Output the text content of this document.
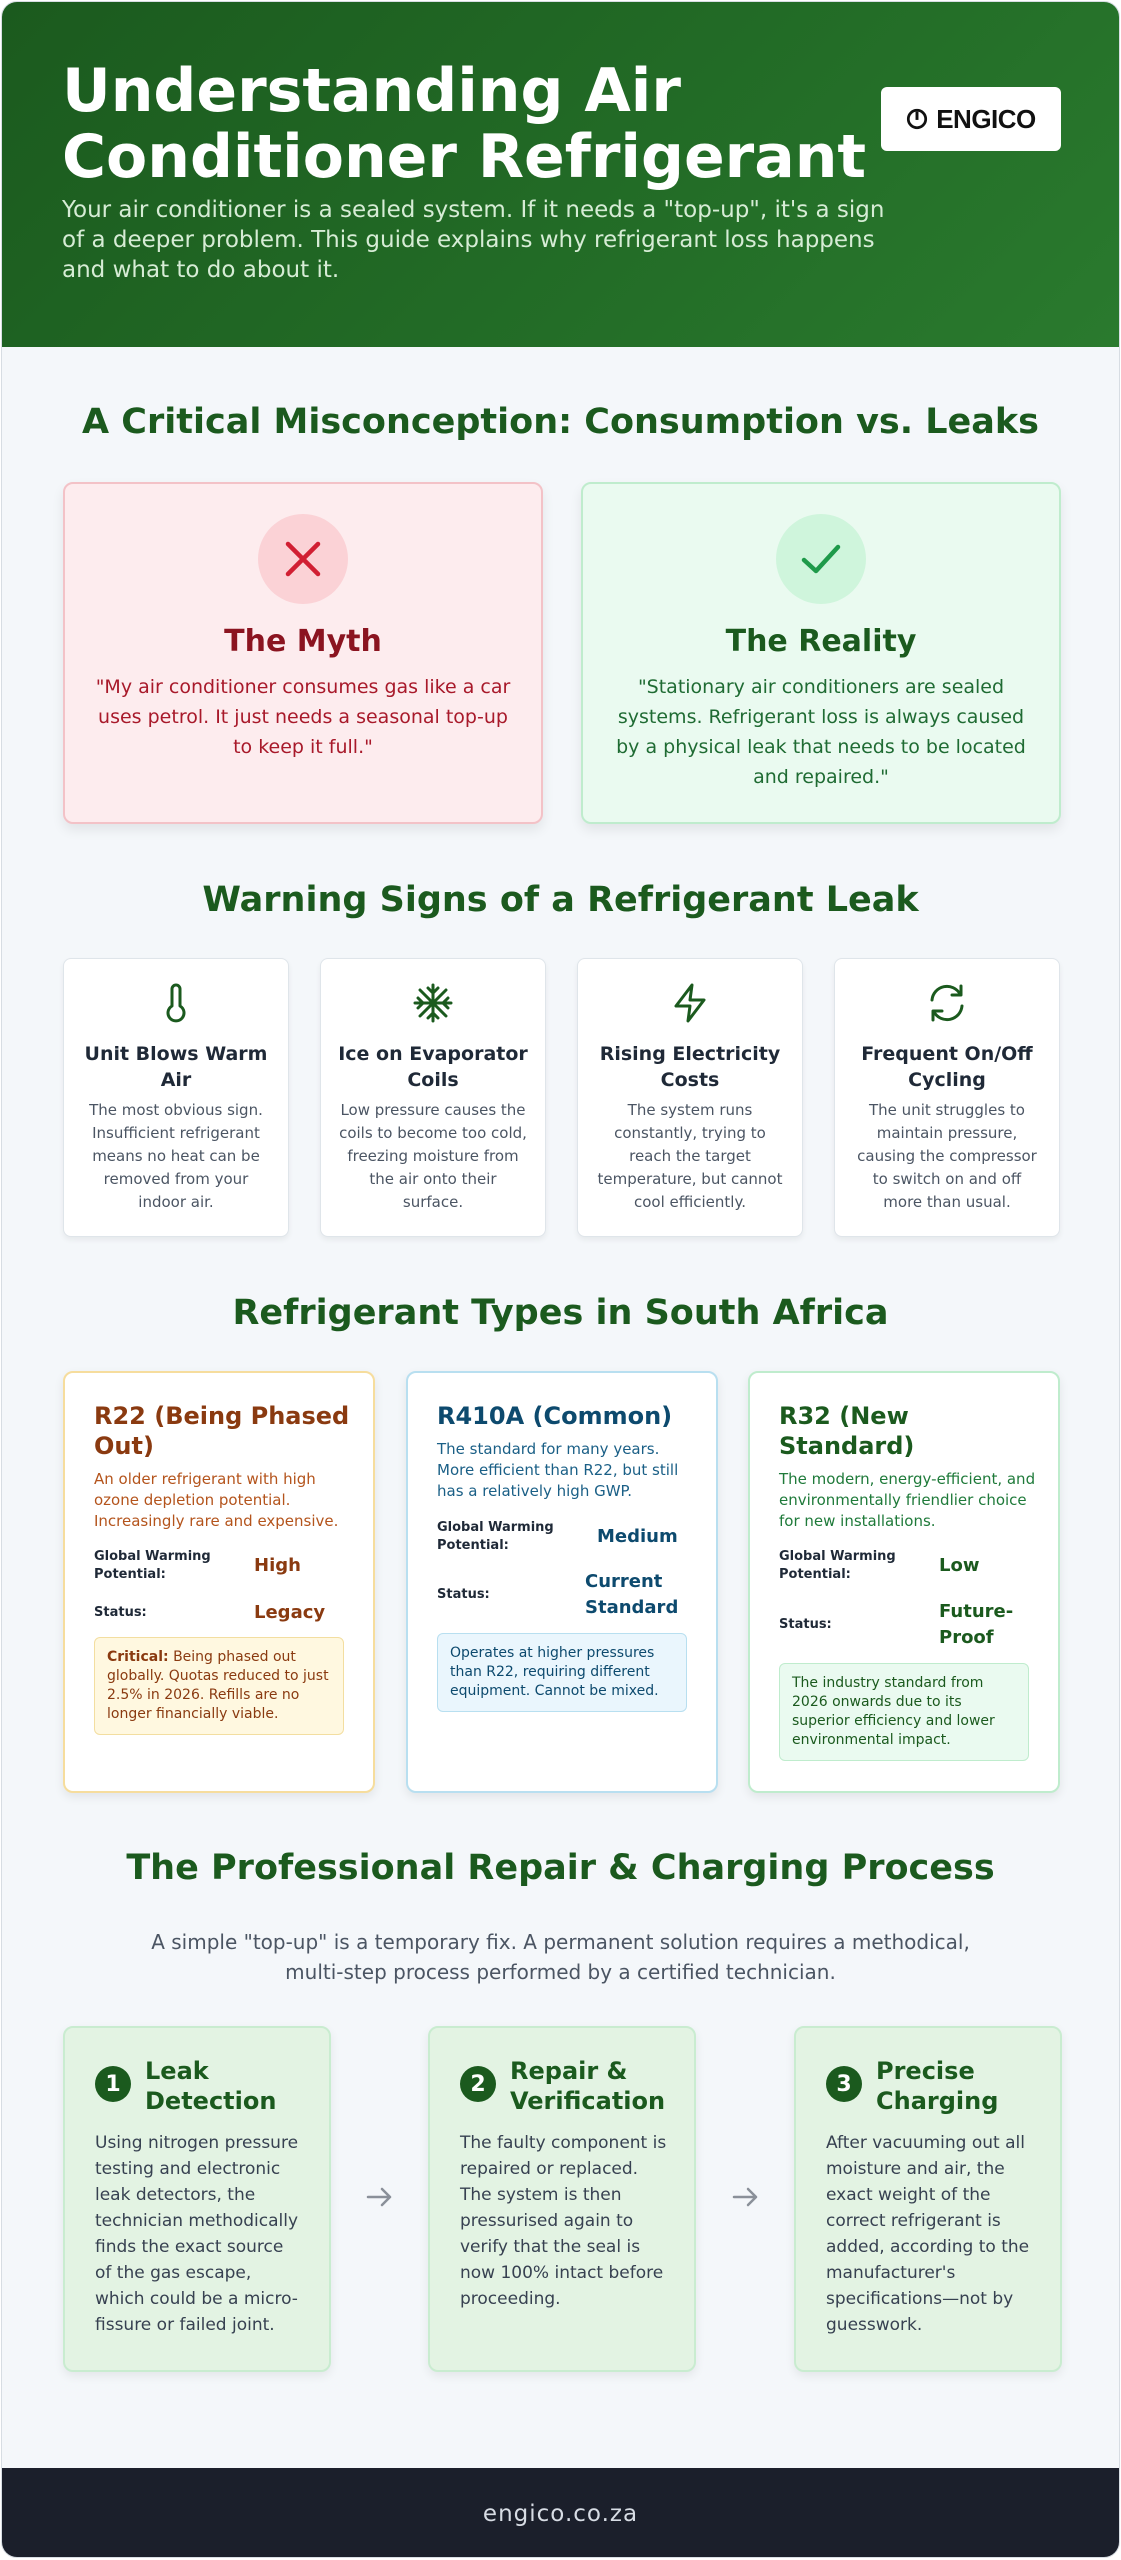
Understanding Air Conditioner Refrigerant

Your air conditioner is a sealed system. If it needs a "top-up", it's a sign of a deeper problem. This guide explains why refrigerant loss happens and what to do about it.

ENGICO
A Critical Misconception: Consumption vs. Leaks
The Myth

"My air conditioner consumes gas like a car uses petrol. It just needs a seasonal top-up to keep it full."

The Reality

"Stationary air conditioners are sealed systems. Refrigerant loss is always caused by a physical leak that needs to be located and repaired."

Warning Signs of a Refrigerant Leak
Unit Blows Warm Air

The most obvious sign. Insufficient refrigerant means no heat can be removed from your indoor air.

Ice on Evaporator Coils

Low pressure causes the coils to become too cold, freezing moisture from the air onto their surface.

Rising Electricity Costs

The system runs constantly, trying to reach the target temperature, but cannot cool efficiently.

Frequent On/Off Cycling

The unit struggles to maintain pressure, causing the compressor to switch on and off more than usual.

Refrigerant Types in South Africa
R22 (Being Phased Out)

An older refrigerant with high ozone depletion potential. Increasingly rare and expensive.

Global Warming Potential:	High
Status:	Legacy
Critical: Being phased out globally. Quotas reduced to just 2.5% in 2026. Refills are no longer financially viable.
R410A (Common)

The standard for many years. More efficient than R22, but still has a relatively high GWP.

Global Warming Potential:	Medium
Status:
Current Standard
Operates at higher pressures than R22, requiring different equipment. Cannot be mixed.
R32 (New Standard)

The modern, energy-efficient, and environmentally friendlier choice for new installations.

Global Warming Potential:	Low
Status:
Future-Proof
The industry standard from 2026 onwards due to its superior efficiency and lower environmental impact.
The Professional Repair & Charging Process

A simple "top-up" is a temporary fix. A permanent solution requires a methodical, multi-step process performed by a certified technician.

1	Leak Detection

Using nitrogen pressure testing and electronic leak detectors, the technician methodically finds the exact source of the gas escape, which could be a micro-fissure or failed joint.

2	Repair & Verification

The faulty component is repaired or replaced. The system is then pressurised again to verify that the seal is now 100% intact before proceeding.

3	Precise Charging

After vacuuming out all moisture and air, the exact weight of the correct refrigerant is added, according to the manufacturer's specifications—not by guesswork.

engico.co.za
